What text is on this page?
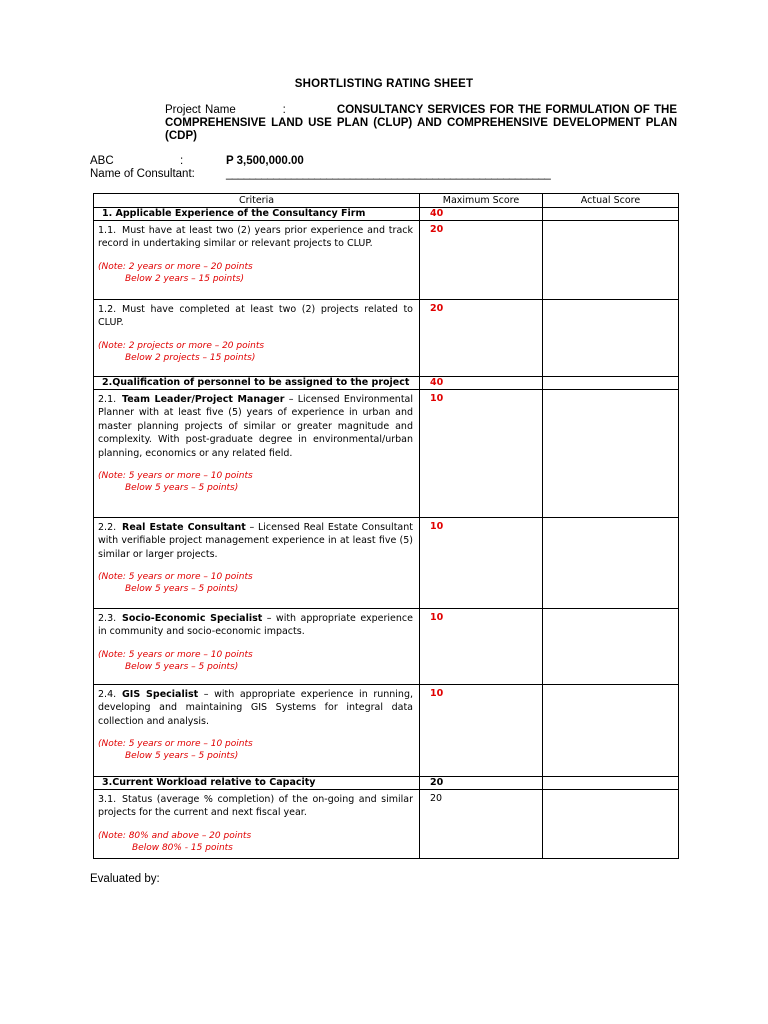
SHORTLISTING RATING SHEET
Project Name	:	CONSULTANCY SERVICES FOR THE FORMULATION OF THE COMPREHENSIVE LAND USE PLAN (CLUP) AND COMPREHENSIVE DEVELOPMENT PLAN (CDP)
ABC	:	P 3,500,000.00
Name of Consultant:	_______________________________________________________
Criteria	Maximum Score	Actual Score
1. Applicable Experience of the Consultancy Firm	40	

1.1. Must have at least two (2) years prior experience and track record in undertaking similar or relevant projects to CLUP.
(Note: 2 years or more – 20 points
Below 2 years – 15 points)	20	

1.2. Must have completed at least two (2) projects related to CLUP.
(Note: 2 projects or more – 20 points
Below 2 projects – 15 points)	20	
2.Qualification of personnel to be assigned to the project	40	

2.1. Team Leader/Project Manager – Licensed Environmental Planner with at least five (5) years of experience in urban and master planning projects of similar or greater magnitude and complexity. With post-graduate degree in environmental/urban planning, economics or any related field.
(Note: 5 years or more – 10 points
Below 5 years – 5 points)	10	

2.2. Real Estate Consultant – Licensed Real Estate Consultant with verifiable project management experience in at least five (5) similar or larger projects.
(Note: 5 years or more – 10 points
Below 5 years – 5 points)	10	

2.3. Socio-Economic Specialist – with appropriate experience in community and socio-economic impacts.
(Note: 5 years or more – 10 points
Below 5 years – 5 points)	10	

2.4. GIS Specialist – with appropriate experience in running, developing and maintaining GIS Systems for integral data collection and analysis.
(Note: 5 years or more – 10 points
Below 5 years – 5 points)	10	
3.Current Workload relative to Capacity	20	

3.1. Status (average % completion) of the on-going and similar projects for the current and next fiscal year.
(Note: 80% and above – 20 points
Below 80% - 15 points	20	
Evaluated by:
